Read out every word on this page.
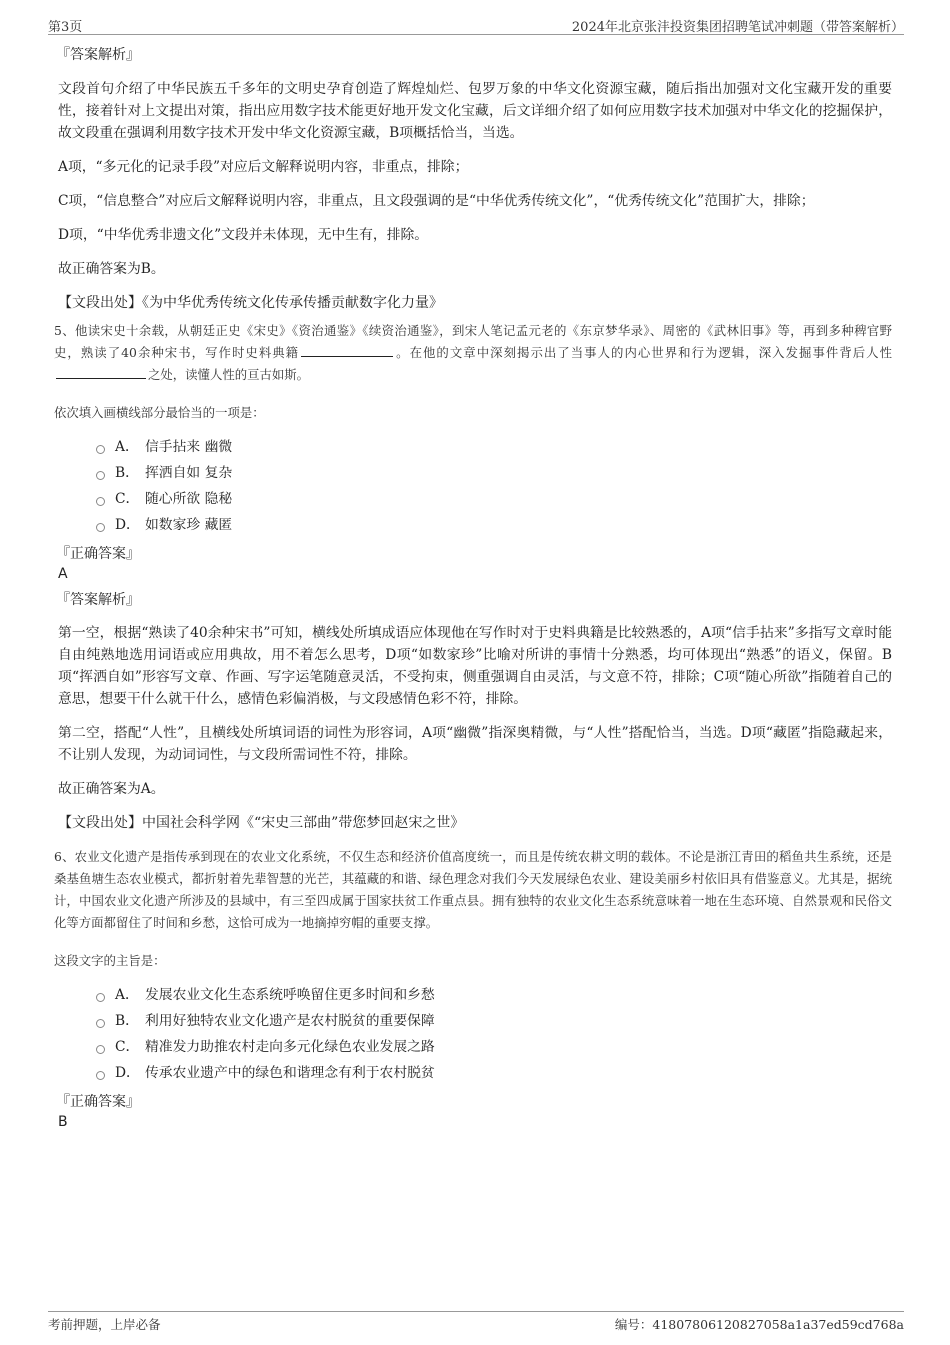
第3页	2024年北京张沣投资集团招聘笔试冲刺题（带答案解析）

『答案解析』

文段首句介绍了中华民族五千多年的文明史孕育创造了辉煌灿烂、包罗万象的中华文化资源宝藏，随后指出加强对文化宝藏开发的重要性，接着针对上文提出对策，指出应用数字技术能更好地开发文化宝藏，后文详细介绍了如何应用数字技术加强对中华文化的挖掘保护，故文段重在强调利用数字技术开发中华文化资源宝藏，B项概括恰当，当选。

A项，“多元化的记录手段”对应后文解释说明内容，非重点，排除；

C项，“信息整合”对应后文解释说明内容，非重点，且文段强调的是“中华优秀传统文化”，“优秀传统文化”范围扩大，排除；

D项，“中华优秀非遗文化”文段并未体现，无中生有，排除。

故正确答案为B。

【文段出处】《为中华优秀传统文化传承传播贡献数字化力量》

5、他读宋史十余载，从朝廷正史《宋史》《资治通鉴》《续资治通鉴》，到宋人笔记孟元老的《东京梦华录》、周密的《武林旧事》等，再到多种稗官野史，熟读了40余种宋书，写作时史料典籍	。在他的文章中深刻揭示出了当事人的内心世界和行为逻辑，深入发掘事件背后人性之处，读懂人性的亘古如斯。

依次填入画横线部分最恰当的一项是：

A． 信手拈来 幽微
B． 挥洒自如 复杂
C． 随心所欲 隐秘
D． 如数家珍 藏匿

『正确答案』

A

『答案解析』

第一空，根据“熟读了40余种宋书”可知，横线处所填成语应体现他在写作时对于史料典籍是比较熟悉的，A项“信手拈来”多指写文章时能自由纯熟地选用词语或应用典故，用不着怎么思考，D项“如数家珍”比喻对所讲的事情十分熟悉，均可体现出“熟悉”的语义，保留。B项“挥洒自如”形容写文章、作画、写字运笔随意灵活，不受拘束，侧重强调自由灵活，与文意不符，排除；C项“随心所欲”指随着自己的意思，想要干什么就干什么，感情色彩偏消极，与文段感情色彩不符，排除。

第二空，搭配“人性”，且横线处所填词语的词性为形容词，A项“幽微”指深奥精微，与“人性”搭配恰当，当选。D项“藏匿”指隐藏起来，不让别人发现，为动词词性，与文段所需词性不符，排除。

故正确答案为A。

【文段出处】中国社会科学网《“宋史三部曲”带您梦回赵宋之世》

6、农业文化遗产是指传承到现在的农业文化系统，不仅生态和经济价值高度统一，而且是传统农耕文明的载体。不论是浙江青田的稻鱼共生系统，还是桑基鱼塘生态农业模式，都折射着先辈智慧的光芒，其蕴藏的和谐、绿色理念对我们今天发展绿色农业、建设美丽乡村依旧具有借鉴意义。尤其是，据统计，中国农业文化遗产所涉及的县域中，有三至四成属于国家扶贫工作重点县。拥有独特的农业文化生态系统意味着一地在生态环境、自然景观和民俗文化等方面都留住了时间和乡愁，这恰可成为一地摘掉穷帽的重要支撑。

这段文字的主旨是：

A． 发展农业文化生态系统呼唤留住更多时间和乡愁
B． 利用好独特农业文化遗产是农村脱贫的重要保障
C． 精准发力助推农村走向多元化绿色农业发展之路
D． 传承农业遗产中的绿色和谐理念有利于农村脱贫

『正确答案』

B

考前押题，上岸必备	编号：41807806120827058a1a37ed59cd768a
